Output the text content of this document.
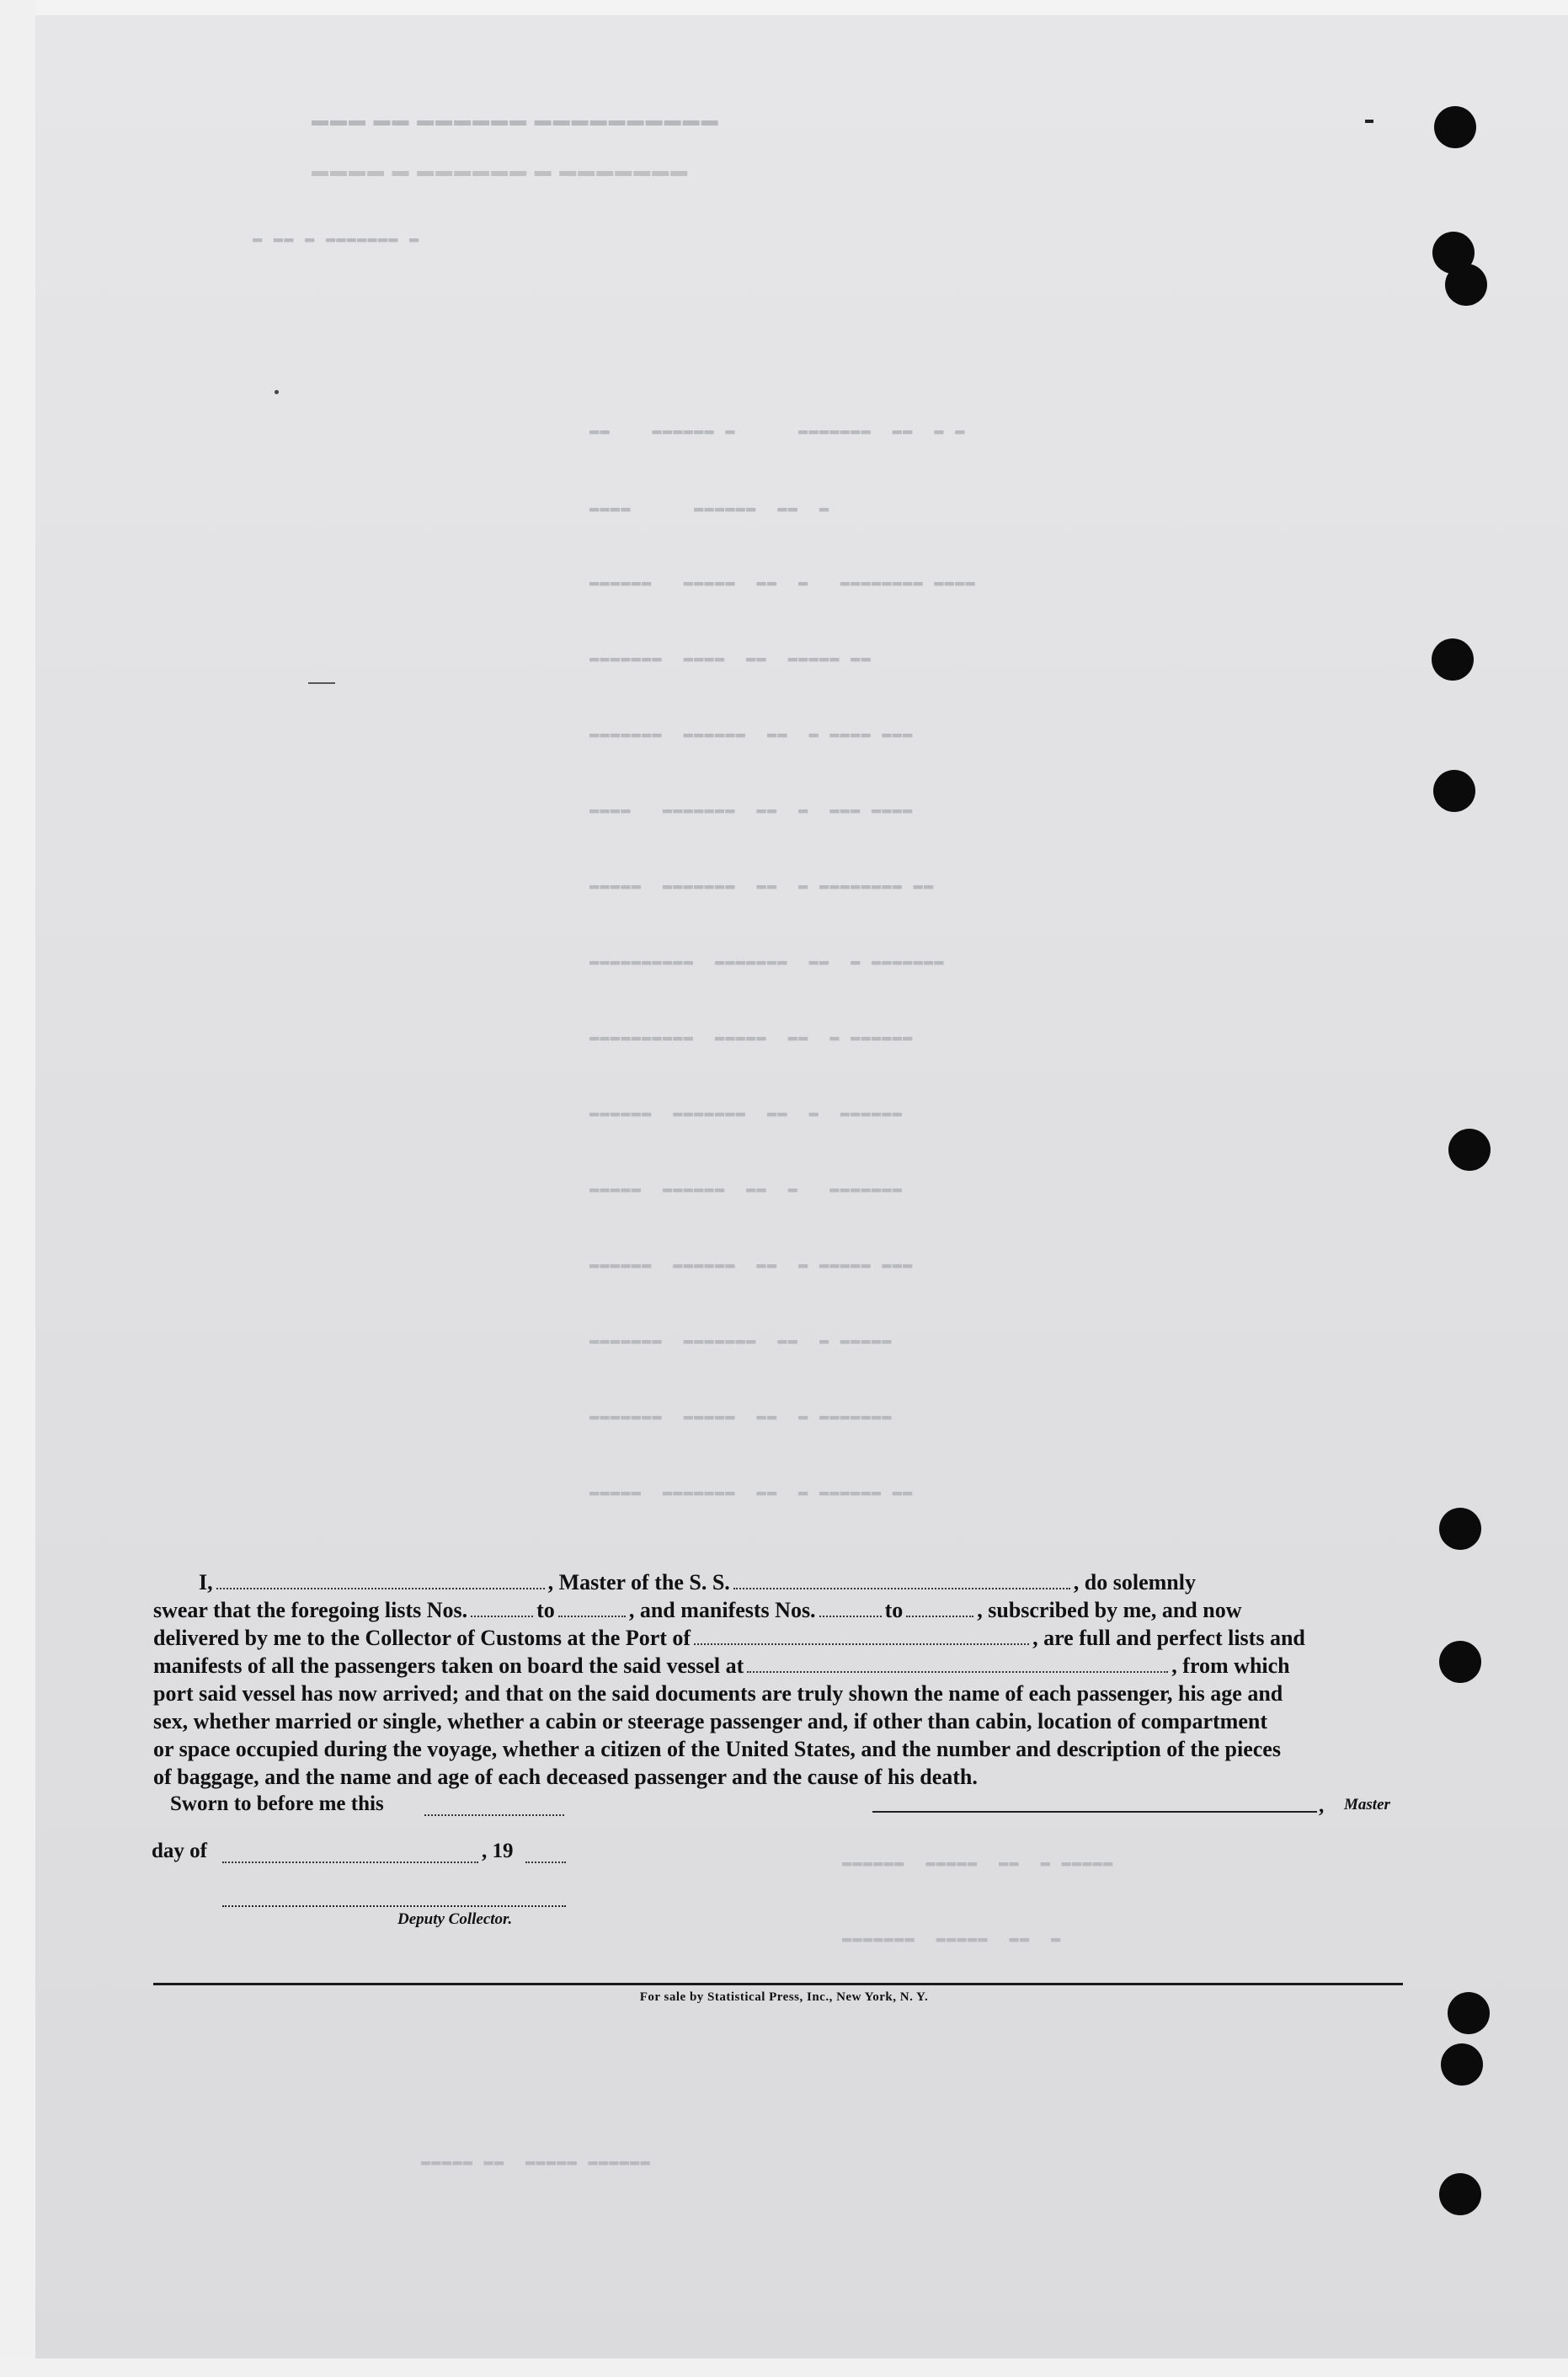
▬▬▬ ▬▬ ▬▬▬▬▬▬ ▬▬▬▬▬▬▬▬▬▬
▬▬▬▬ ▬ ▬▬▬▬▬▬ ▬ ▬▬▬▬▬▬▬
▬ ▬▬ ▬ ▬▬▬▬▬▬▬ ▬
▬▬    ▬▬▬▬▬▬ ▬      ▬▬▬▬▬▬▬  ▬▬  ▬ ▬
▬▬▬▬      ▬▬▬▬▬▬  ▬▬  ▬
▬▬▬▬▬▬   ▬▬▬▬▬  ▬▬  ▬   ▬▬▬▬▬▬▬▬ ▬▬▬▬
▬▬▬▬▬▬▬  ▬▬▬▬  ▬▬  ▬▬▬▬▬ ▬▬
▬▬▬▬▬▬▬  ▬▬▬▬▬▬  ▬▬  ▬ ▬▬▬▬ ▬▬▬
▬▬▬▬   ▬▬▬▬▬▬▬  ▬▬  ▬  ▬▬▬ ▬▬▬▬
▬▬▬▬▬  ▬▬▬▬▬▬▬  ▬▬  ▬ ▬▬▬▬▬▬▬▬ ▬▬
▬▬▬▬▬▬▬▬▬▬  ▬▬▬▬▬▬▬  ▬▬  ▬ ▬▬▬▬▬▬▬
▬▬▬▬▬▬▬▬▬▬  ▬▬▬▬▬  ▬▬  ▬ ▬▬▬▬▬▬
▬▬▬▬▬▬  ▬▬▬▬▬▬▬  ▬▬  ▬  ▬▬▬▬▬▬
▬▬▬▬▬  ▬▬▬▬▬▬  ▬▬  ▬   ▬▬▬▬▬▬▬
▬▬▬▬▬▬  ▬▬▬▬▬▬  ▬▬  ▬ ▬▬▬▬▬ ▬▬▬
▬▬▬▬▬▬▬  ▬▬▬▬▬▬▬  ▬▬  ▬ ▬▬▬▬▬
▬▬▬▬▬▬▬  ▬▬▬▬▬  ▬▬  ▬ ▬▬▬▬▬▬▬
▬▬▬▬▬  ▬▬▬▬▬▬▬  ▬▬  ▬ ▬▬▬▬▬▬ ▬▬
▬▬▬▬▬▬  ▬▬▬▬▬  ▬▬  ▬ ▬▬▬▬▬
▬▬▬▬▬▬▬  ▬▬▬▬▬  ▬▬  ▬
▬▬▬▬▬ ▬▬  ▬▬▬▬▬ ▬▬▬▬▬▬
I,	, Master of the S. S.	, do solemnly
swear that the foregoing lists Nos.	to	, and manifests Nos.	to	, subscribed by me, and now
delivered by me to the Collector of Customs at the Port of	, are full and perfect lists and
manifests of all the passengers taken on board the said vessel at	, from which
port said vessel has now arrived; and that on the said documents are truly shown the name of each passenger, his age and
sex, whether married or single, whether a cabin or steerage passenger and, if other than cabin, location of compartment
or space occupied during the voyage, whether a citizen of the United States, and the number and description of the pieces
of baggage, and the name and age of each deceased passenger and the cause of his death.
Sworn to before me this	, Master
day of	, 19
Deputy Collector.
For sale by Statistical Press, Inc., New York, N. Y.
